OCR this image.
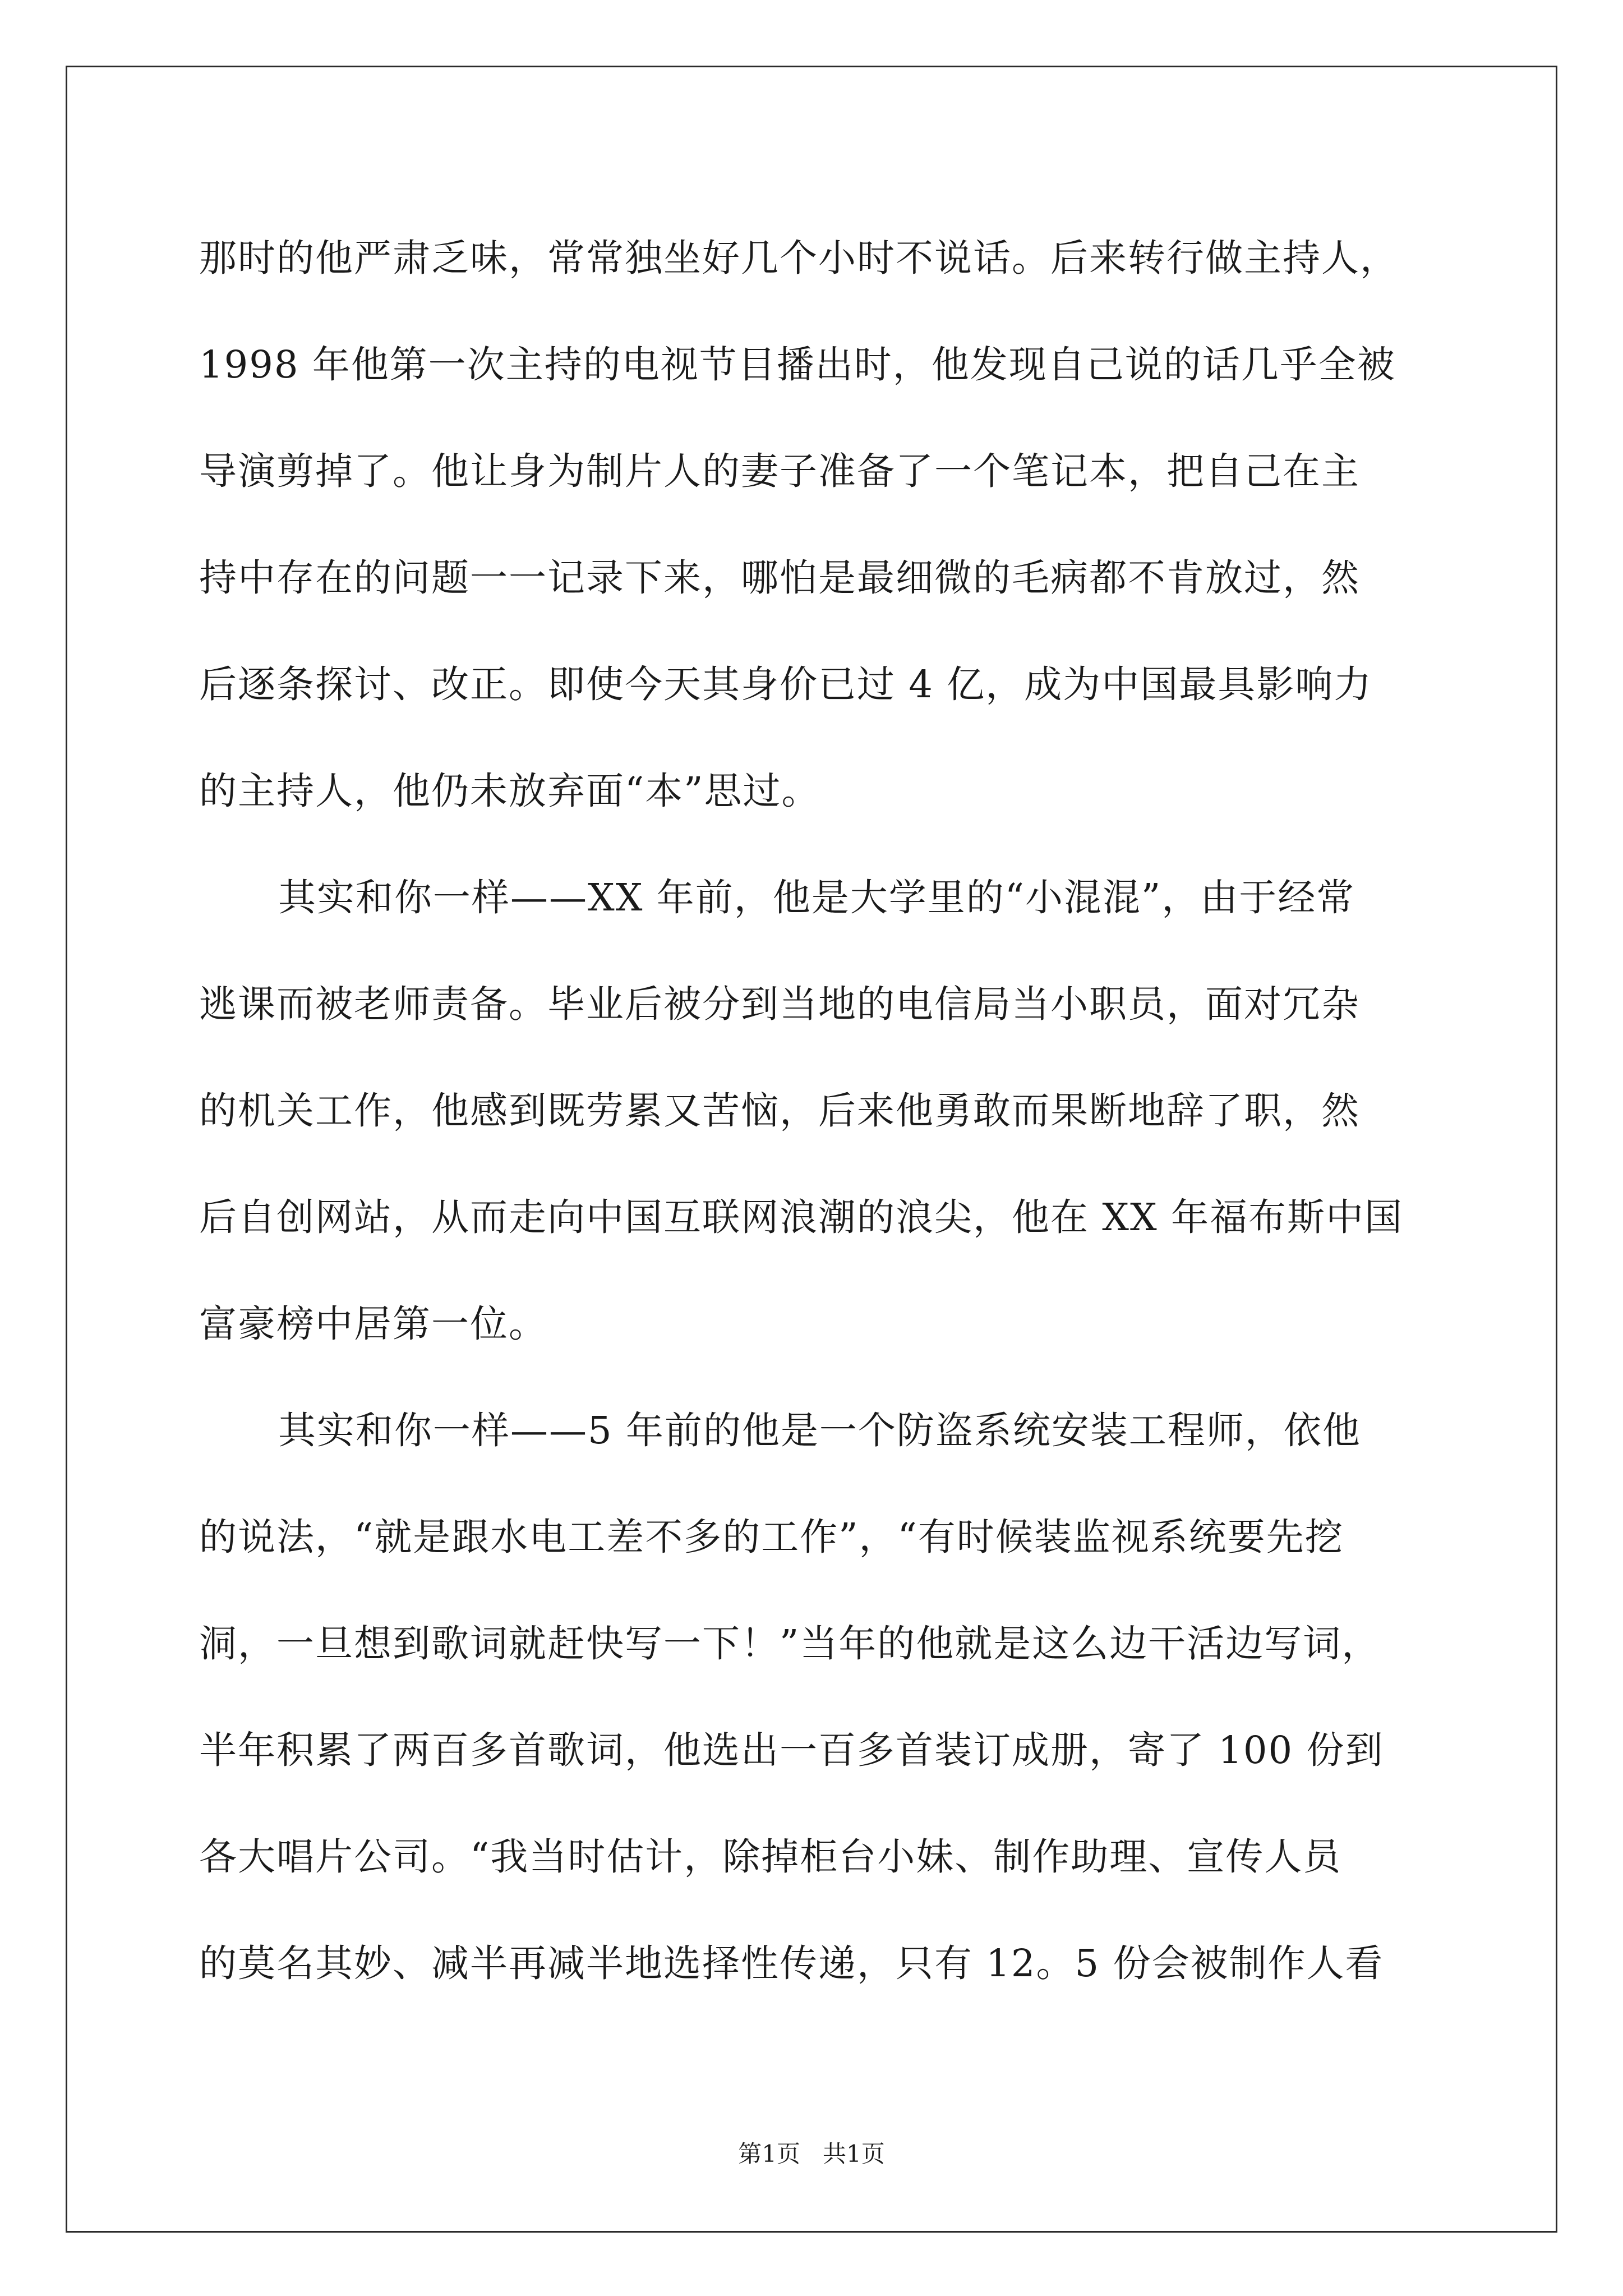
那时的他严肃乏味，常常独坐好几个小时不说话。后来转行做主持人，
1998 年他第一次主持的电视节目播出时，他发现自己说的话几乎全被
导演剪掉了。他让身为制片人的妻子准备了一个笔记本，把自己在主
持中存在的问题一一记录下来，哪怕是最细微的毛病都不肯放过，然
后逐条探讨、改正。即使今天其身价已过 4 亿，成为中国最具影响力
的主持人，他仍未放弃面“本”思过。
其实和你一样——XX 年前，他是大学里的“小混混”，由于经常
逃课而被老师责备。毕业后被分到当地的电信局当小职员，面对冗杂
的机关工作，他感到既劳累又苦恼，后来他勇敢而果断地辞了职，然
后自创网站，从而走向中国互联网浪潮的浪尖，他在 XX 年福布斯中国
富豪榜中居第一位。
其实和你一样——5 年前的他是一个防盗系统安装工程师，依他
的说法，“就是跟水电工差不多的工作”，“有时候装监视系统要先挖
洞，一旦想到歌词就赶快写一下！”当年的他就是这么边干活边写词，
半年积累了两百多首歌词，他选出一百多首装订成册，寄了 100 份到
各大唱片公司。“我当时估计，除掉柜台小妹、制作助理、宣传人员
的莫名其妙、减半再减半地选择性传递，只有 12。5 份会被制作人看
第1页   共1页
